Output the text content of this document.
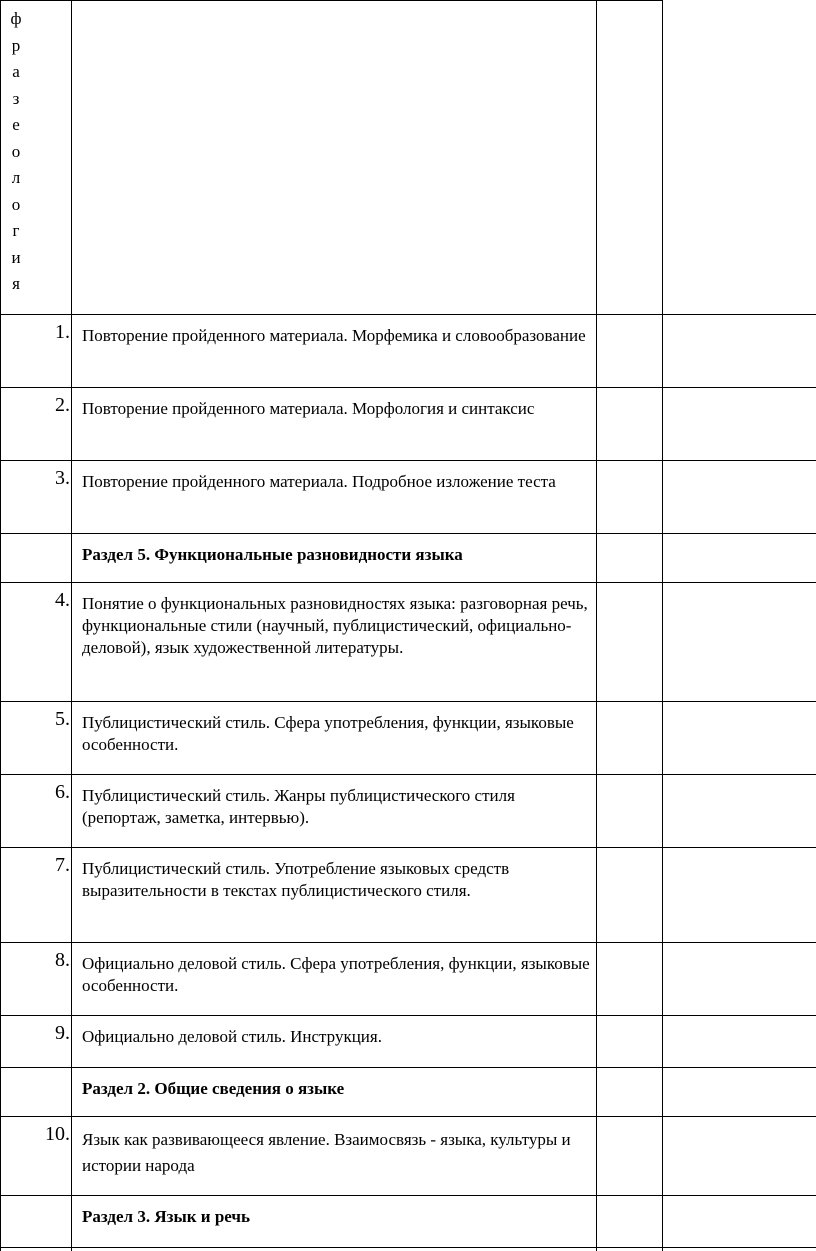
ф
р
а
з
е
о
л
о
г
и
я
1. Повторение пройденного материала. Морфемика и словообразование
2. Повторение пройденного материала. Морфология и синтаксис
3. Повторение пройденного материала. Подробное изложение теста
Раздел 5. Функциональные разновидности языка
4. Понятие о функциональных разновидностях языка: разговорная речь, функциональные стили (научный, публицистический, официально-деловой), язык художественной литературы.
5. Публицистический стиль. Сфера употребления, функции, языковые особенности.
6. Публицистический стиль. Жанры публицистического стиля (репортаж, заметка, интервью).
7. Публицистический стиль. Употребление языковых средств выразительности в текстах публицистического стиля.
8. Официально деловой стиль. Сфера употребления, функции, языковые особенности.
9. Официально деловой стиль. Инструкция.
Раздел 2. Общие сведения о языке
10. Язык как развивающееся явление. Взаимосвязь - языка, культуры и истории народа
Раздел 3. Язык и речь
